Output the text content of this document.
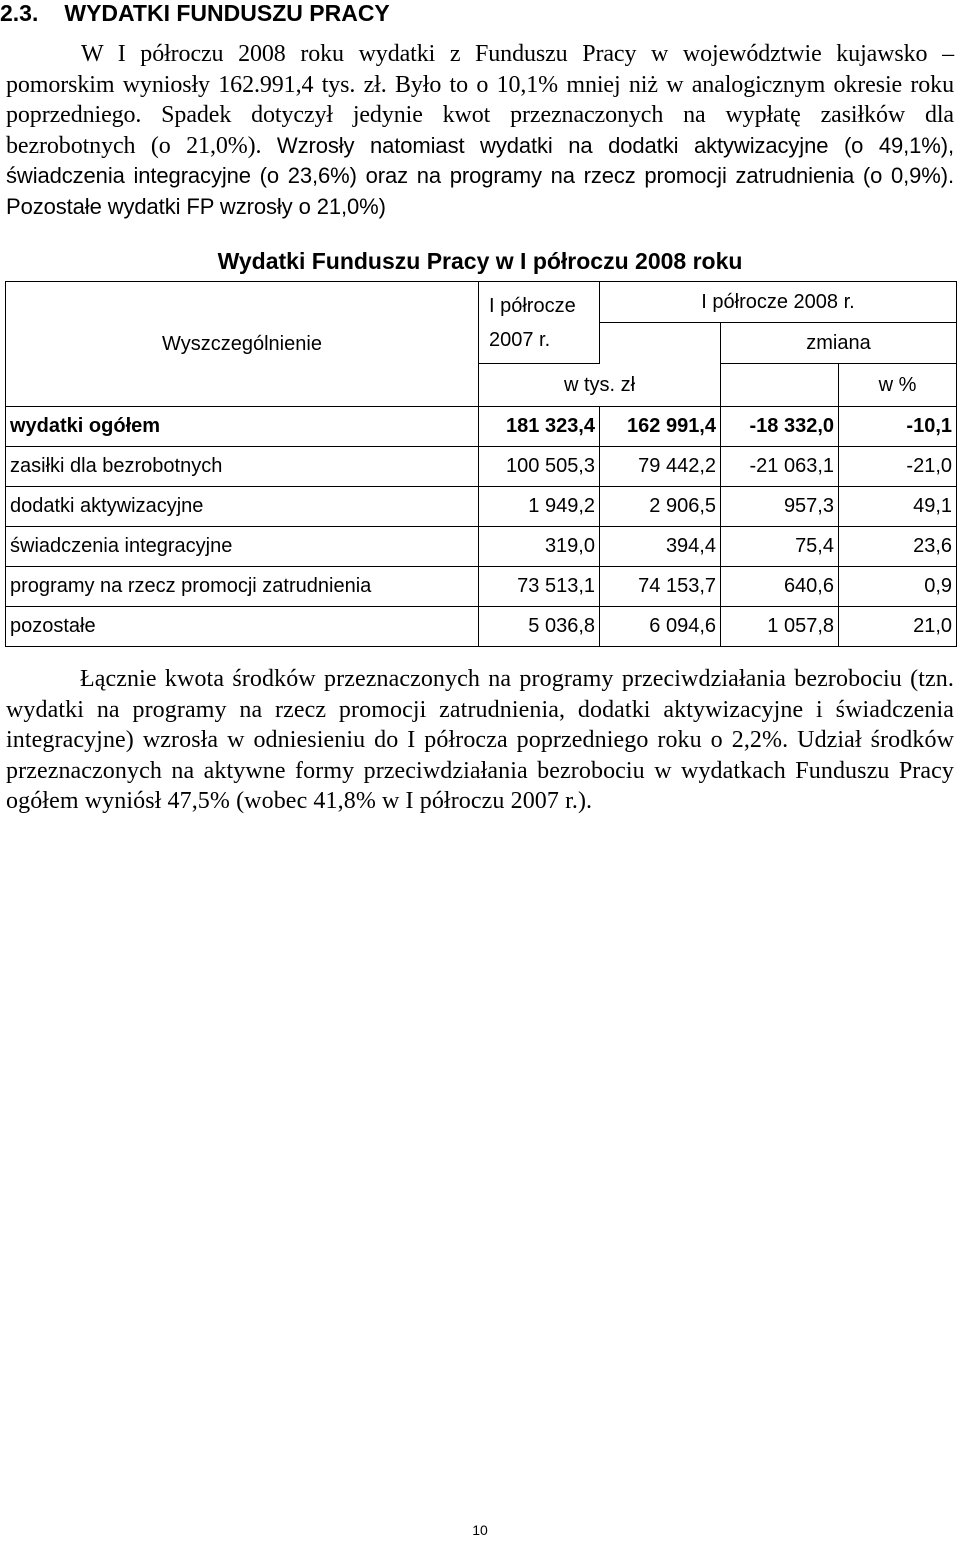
2.3. WYDATKI FUNDUSZU PRACY
W I półroczu 2008 roku wydatki z Funduszu Pracy w województwie kujawsko – pomorskim wyniosły 162.991,4 tys. zł. Było to o 10,1% mniej niż w analogicznym okresie roku poprzedniego. Spadek dotyczył jedynie kwot przeznaczonych na wypłatę zasiłków dla bezrobotnych (o 21,0%). Wzrosły natomiast wydatki na dodatki aktywizacyjne (o 49,1%), świadczenia integracyjne (o 23,6%) oraz na programy na rzecz promocji zatrudnienia (o 0,9%). Pozostałe wydatki FP wzrosły o 21,0%)
Wydatki Funduszu Pracy w I półroczu 2008 roku
Wyszczególnienie	I półrocze 2007 r.	I półrocze 2008 r.		
			zmiana	
	w tys. zł			w %
wydatki ogółem	181 323,4	162 991,4	-18 332,0	-10,1
zasiłki dla bezrobotnych	100 505,3	79 442,2	-21 063,1	-21,0
dodatki aktywizacyjne	1 949,2	2 906,5	957,3	49,1
świadczenia integracyjne	319,0	394,4	75,4	23,6
programy na rzecz promocji zatrudnienia	73 513,1	74 153,7	640,6	0,9
pozostałe	5 036,8	6 094,6	1 057,8	21,0
Łącznie kwota środków przeznaczonych na programy przeciwdziałania bezrobociu (tzn. wydatki na programy na rzecz promocji zatrudnienia, dodatki aktywizacyjne i świadczenia integracyjne) wzrosła w odniesieniu do I półrocza poprzedniego roku o 2,2%. Udział środków przeznaczonych na aktywne formy przeciwdziałania bezrobociu w wydatkach Funduszu Pracy ogółem wyniósł 47,5% (wobec 41,8% w I półroczu 2007 r.).
10
